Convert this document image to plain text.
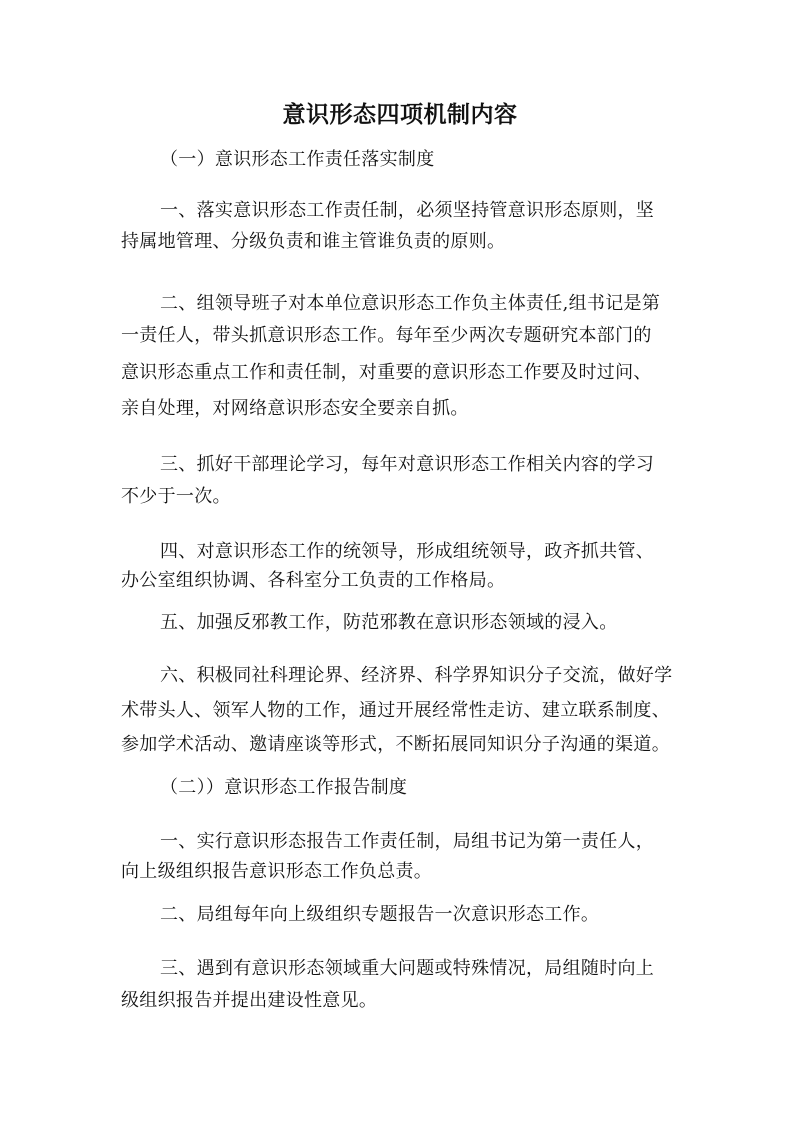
意识形态四项机制内容
（一）意识形态工作责任落实制度
一、落实意识形态工作责任制，必须坚持管意识形态原则，坚
持属地管理、分级负责和谁主管谁负责的原则。
二、组领导班子对本单位意识形态工作负主体责任,组书记是第
一责任人，带头抓意识形态工作。每年至少两次专题研究本部门的
意识形态重点工作和责任制，对重要的意识形态工作要及时过问、
亲自处理，对网络意识形态安全要亲自抓。
三、抓好干部理论学习，每年对意识形态工作相关内容的学习
不少于一次。
四、对意识形态工作的统领导，形成组统领导，政齐抓共管、
办公室组织协调、各科室分工负责的工作格局。
五、加强反邪教工作，防范邪教在意识形态领域的浸入。
六、积极同社科理论界、经济界、科学界知识分子交流，做好学
术带头人、领军人物的工作，通过开展经常性走访、建立联系制度、
参加学术活动、邀请座谈等形式，不断拓展同知识分子沟通的渠道。
（二））意识形态工作报告制度
一、实行意识形态报告工作责任制，局组书记为第一责任人，
向上级组织报告意识形态工作负总责。
二、局组每年向上级组织专题报告一次意识形态工作。
三、遇到有意识形态领域重大问题或特殊情况，局组随时向上
级组织报告并提出建设性意见。
